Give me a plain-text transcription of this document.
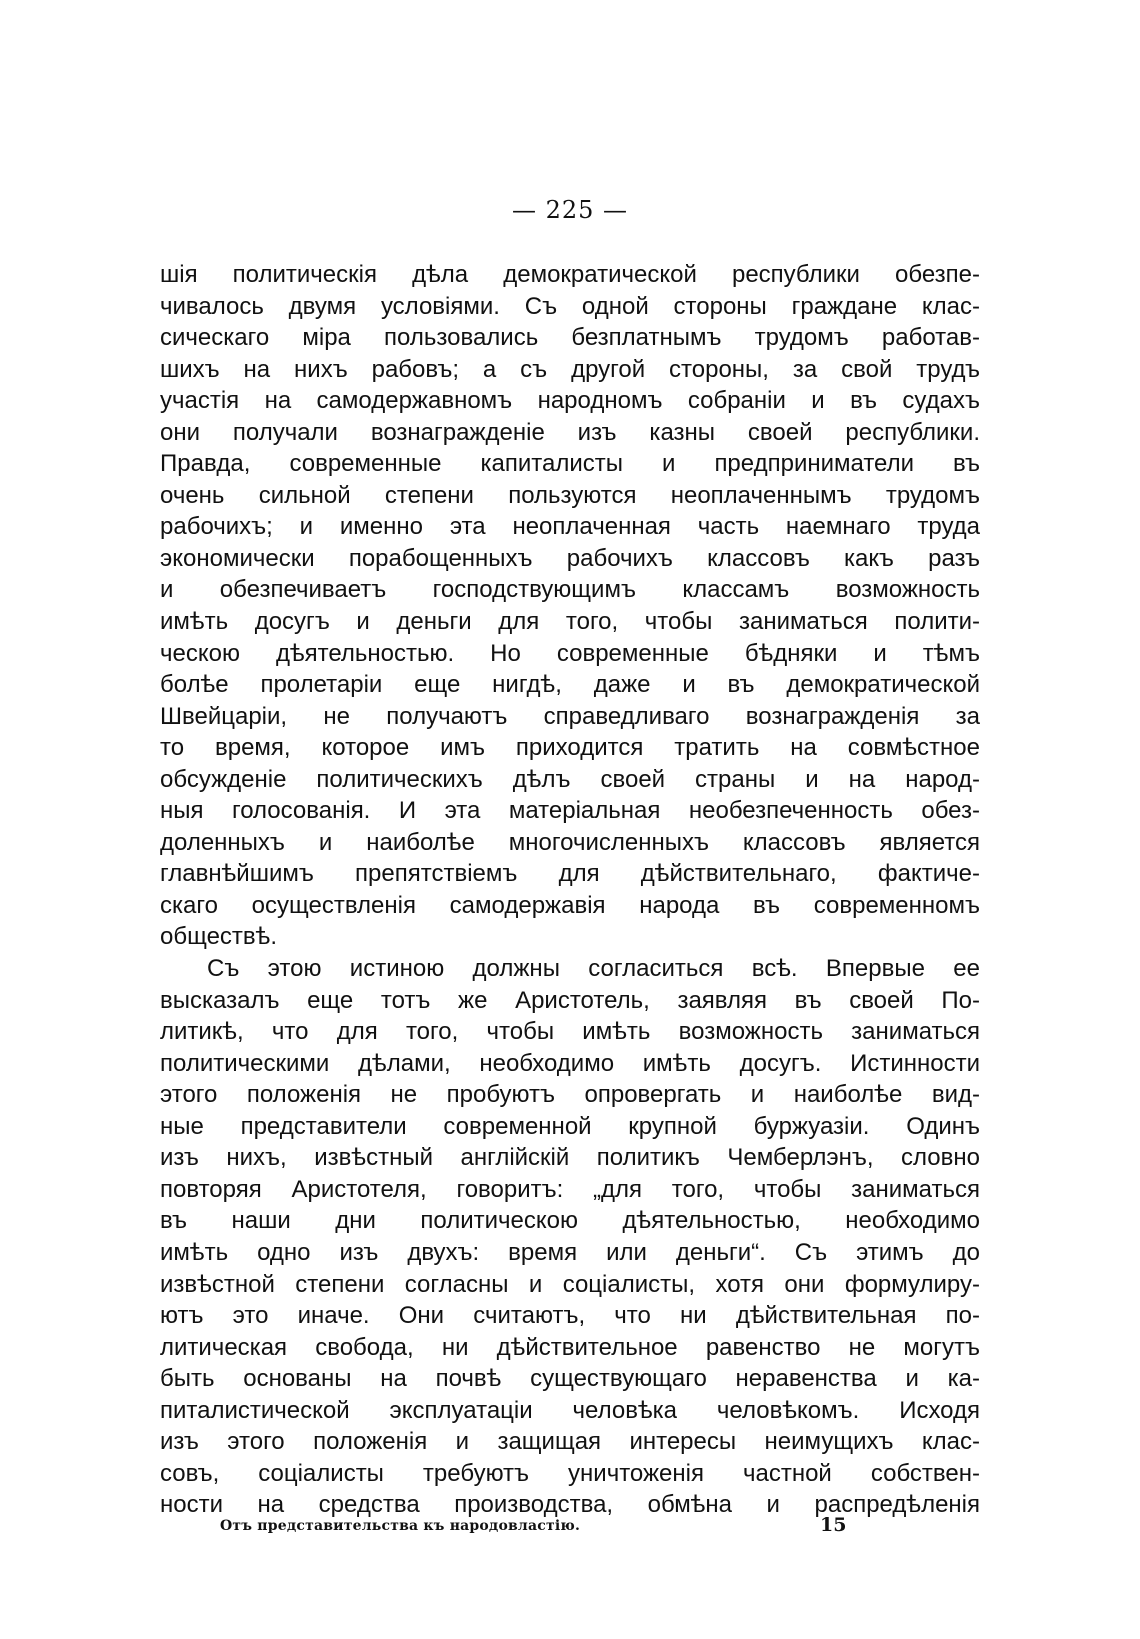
— 225 —
шія политическія дѣла демократической республики обезпе-
чивалось двумя условіями. Съ одной стороны граждане клас-
сическаго міра пользовались безплатнымъ трудомъ работав-
шихъ на нихъ рабовъ; а съ другой стороны, за свой трудъ
участія на самодержавномъ народномъ собраніи и въ судахъ
они получали вознагражденіе изъ казны своей республики.
Правда, современные капиталисты и предприниматели въ
очень сильной степени пользуются неоплаченнымъ трудомъ
рабочихъ; и именно эта неоплаченная часть наемнаго труда
экономически порабощенныхъ рабочихъ классовъ какъ разъ
и обезпечиваетъ господствующимъ классамъ возможность
имѣть досугъ и деньги для того, чтобы заниматься полити-
ческою дѣятельностью. Но современные бѣдняки и тѣмъ
болѣе пролетаріи еще нигдѣ, даже и въ демократической
Швейцаріи, не получаютъ справедливаго вознагражденія за
то время, которое имъ приходится тратить на совмѣстное
обсужденіе политическихъ дѣлъ своей страны и на народ-
ныя голосованія. И эта матеріальная необезпеченность обез-
доленныхъ и наиболѣе многочисленныхъ классовъ является
главнѣйшимъ препятствіемъ для дѣйствительнаго, фактиче-
скаго осуществленія самодержавія народа въ современномъ
обществѣ.
Съ этою истиною должны согласиться всѣ. Впервые ее
высказалъ еще тотъ же Аристотель, заявляя въ своей По-
литикѣ, что для того, чтобы имѣть возможность заниматься
политическими дѣлами, необходимо имѣть досугъ. Истинности
этого положенія не пробуютъ опровергать и наиболѣе вид-
ные представители современной крупной буржуазіи. Одинъ
изъ нихъ, извѣстный англійскій политикъ Чемберлэнъ, словно
повторяя Аристотеля, говоритъ: „для того, чтобы заниматься
въ наши дни политическою дѣятельностью, необходимо
имѣть одно изъ двухъ: время или деньги“. Съ этимъ до
извѣстной степени согласны и соціалисты, хотя они формулиру-
ютъ это иначе. Они считаютъ, что ни дѣйствительная по-
литическая свобода, ни дѣйствительное равенство не могутъ
быть основаны на почвѣ существующаго неравенства и ка-
питалистической эксплуатаціи человѣка человѣкомъ. Исходя
изъ этого положенія и защищая интересы неимущихъ клас-
совъ, соціалисты требуютъ уничтоженія частной собствен-
ности на средства производства, обмѣна и распредѣленія
Отъ представительства къ народовластію.	15
